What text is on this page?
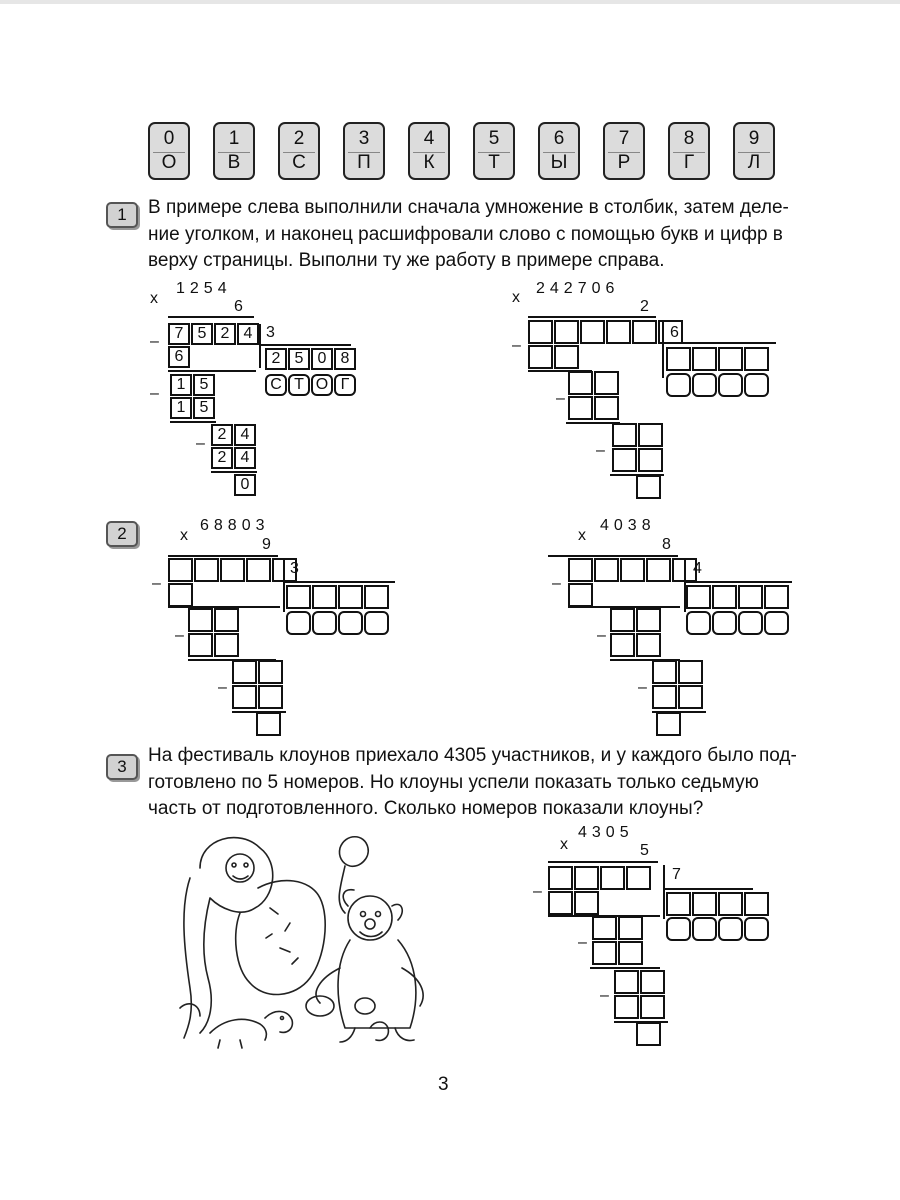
0
О
1
В
2
С
3
П
4
К
5
Т
6
Ы
7
Р
8
Г
9
Л
1	В примере слева выполнили сначала умножение в столбик, затем деле-
ние уголком, и наконец расшифровали слово с помощью букв и цифр в
верху страницы. Выполни ту же работу в примере справа.
x
1254
6
– 7 5 2 4 3
6	2 5 0 8
С Т О Г
–
1 5
1 5
–
2 4
2 4
0
x
242706
2
–
6
–
–
2	x
68803
9
–
3
–
–
x
4038
8
–
4
–
–
3
На фестиваль клоунов приехало 4305 участников, и у каждого было под-
готовлено по 5 номеров. Но клоуны успели показать только седьмую
часть от подготовленного. Сколько номеров показали клоуны?
x
4305
5
–
7
–
–
3
